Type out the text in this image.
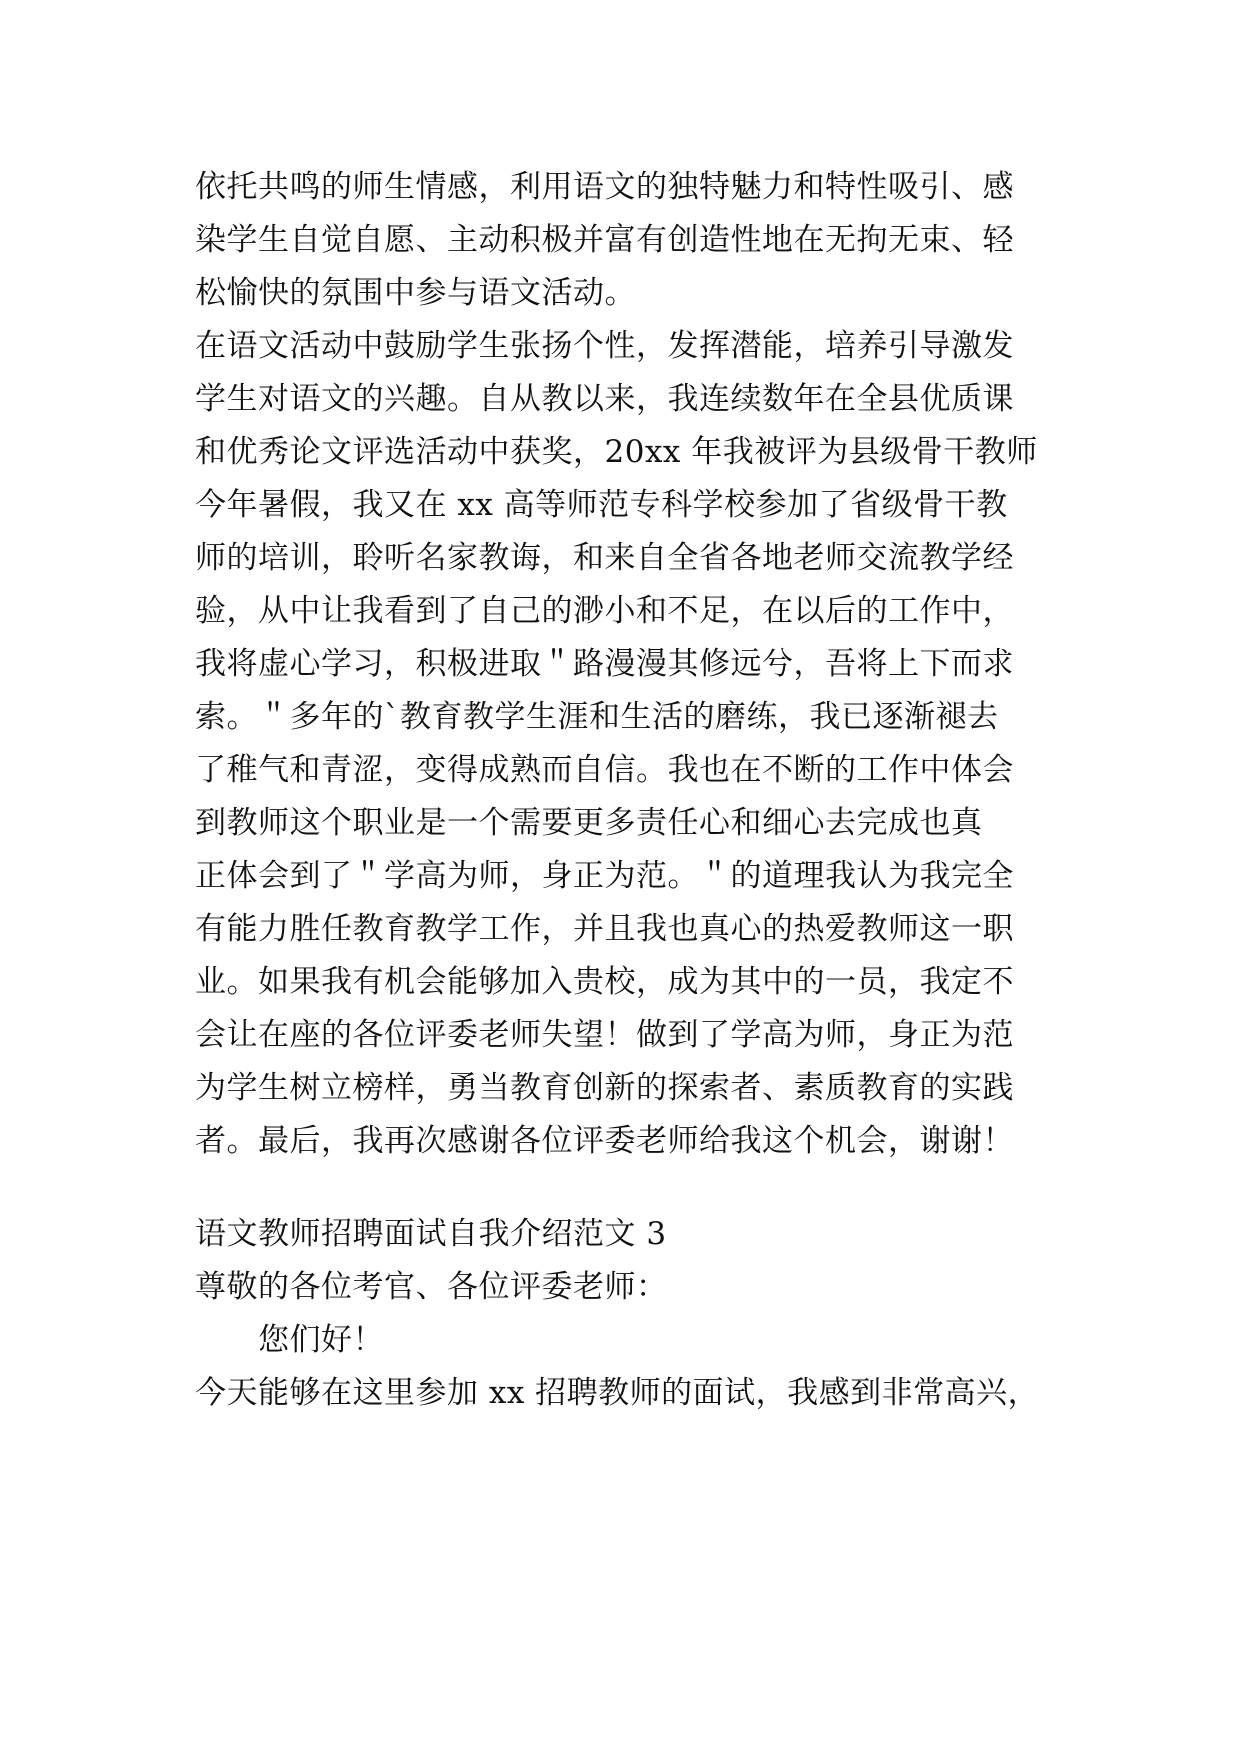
依托共鸣的师生情感，利用语文的独特魅力和特性吸引、感
染学生自觉自愿、主动积极并富有创造性地在无拘无束、轻
松愉快的氛围中参与语文活动。
在语文活动中鼓励学生张扬个性，发挥潜能，培养引导激发
学生对语文的兴趣。自从教以来，我连续数年在全县优质课
和优秀论文评选活动中获奖，20xx 年我被评为县级骨干教师
今年暑假，我又在 xx 高等师范专科学校参加了省级骨干教
师的培训，聆听名家教诲，和来自全省各地老师交流教学经
验，从中让我看到了自己的渺小和不足，在以后的工作中，
我将虚心学习，积极进取＂路漫漫其修远兮，吾将上下而求
索。＂多年的`教育教学生涯和生活的磨练，我已逐渐褪去
了稚气和青涩，变得成熟而自信。我也在不断的工作中体会
到教师这个职业是一个需要更多责任心和细心去完成也真
正体会到了＂学高为师，身正为范。＂的道理我认为我完全
有能力胜任教育教学工作，并且我也真心的热爱教师这一职
业。如果我有机会能够加入贵校，成为其中的一员，我定不
会让在座的各位评委老师失望！做到了学高为师，身正为范
为学生树立榜样，勇当教育创新的探索者、素质教育的实践
者。最后，我再次感谢各位评委老师给我这个机会，谢谢！
语文教师招聘面试自我介绍范文 3
尊敬的各位考官、各位评委老师：
您们好！
今天能够在这里参加 xx 招聘教师的面试，我感到非常高兴，
